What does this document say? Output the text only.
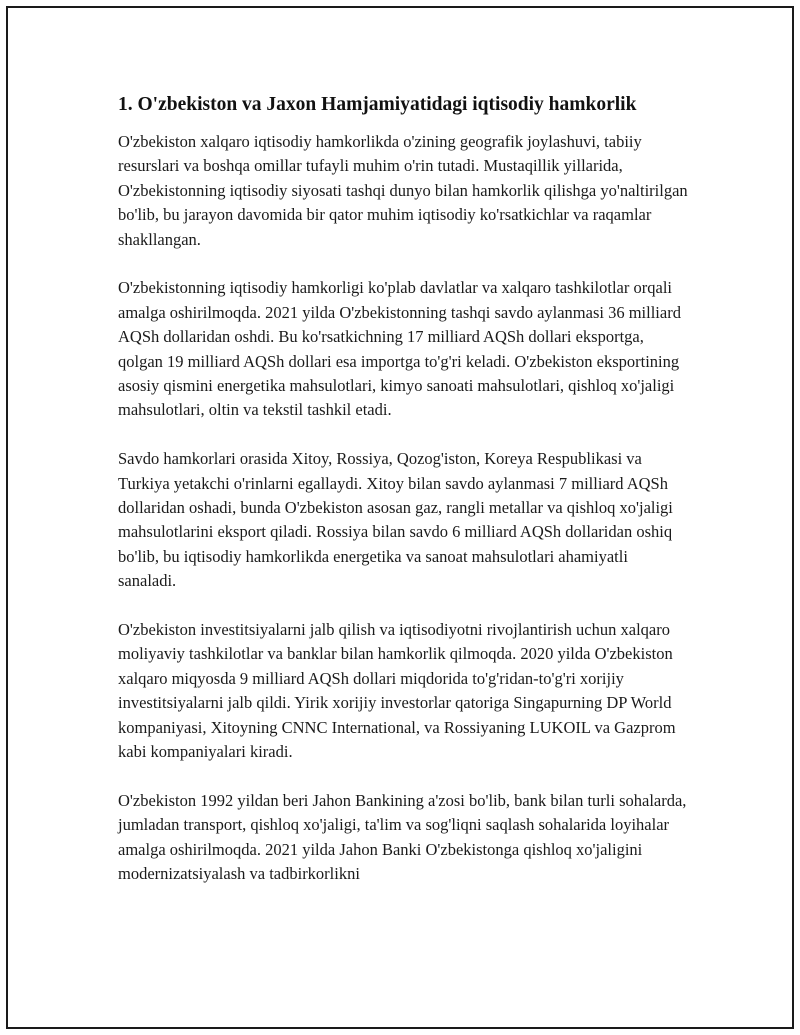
1. O'zbekiston va Jaxon Hamjamiyatidagi iqtisodiy hamkorlik

O'zbekiston xalqaro iqtisodiy hamkorlikda o'zining geografik joylashuvi, tabiiy resurslari va boshqa omillar tufayli muhim o'rin tutadi. Mustaqillik yillarida, O'zbekistonning iqtisodiy siyosati tashqi dunyo bilan hamkorlik qilishga yo'naltirilgan bo'lib, bu jarayon davomida bir qator muhim iqtisodiy ko'rsatkichlar va raqamlar shakllangan.

O'zbekistonning iqtisodiy hamkorligi ko'plab davlatlar va xalqaro tashkilotlar orqali amalga oshirilmoqda. 2021 yilda O'zbekistonning tashqi savdo aylanmasi 36 milliard AQSh dollaridan oshdi. Bu ko'rsatkichning 17 milliard AQSh dollari eksportga, qolgan 19 milliard AQSh dollari esa importga to'g'ri keladi. O'zbekiston eksportining asosiy qismini energetika mahsulotlari, kimyo sanoati mahsulotlari, qishloq xo'jaligi mahsulotlari, oltin va tekstil tashkil etadi.

Savdo hamkorlari orasida Xitoy, Rossiya, Qozog'iston, Koreya Respublikasi va Turkiya yetakchi o'rinlarni egallaydi. Xitoy bilan savdo aylanmasi 7 milliard AQSh dollaridan oshadi, bunda O'zbekiston asosan gaz, rangli metallar va qishloq xo'jaligi mahsulotlarini eksport qiladi. Rossiya bilan savdo 6 milliard AQSh dollaridan oshiq bo'lib, bu iqtisodiy hamkorlikda energetika va sanoat mahsulotlari ahamiyatli sanaladi.

O'zbekiston investitsiyalarni jalb qilish va iqtisodiyotni rivojlantirish uchun xalqaro moliyaviy tashkilotlar va banklar bilan hamkorlik qilmoqda. 2020 yilda O'zbekiston xalqaro miqyosda 9 milliard AQSh dollari miqdorida to'g'ridan-to'g'ri xorijiy investitsiyalarni jalb qildi. Yirik xorijiy investorlar qatoriga Singapurning DP World kompaniyasi, Xitoyning CNNC International, va Rossiyaning LUKOIL va Gazprom kabi kompaniyalari kiradi.

O'zbekiston 1992 yildan beri Jahon Bankining a'zosi bo'lib, bank bilan turli sohalarda, jumladan transport, qishloq xo'jaligi, ta'lim va sog'liqni saqlash sohalarida loyihalar amalga oshirilmoqda. 2021 yilda Jahon Banki O'zbekistonga qishloq xo'jaligini modernizatsiyalash va tadbirkorlikni
